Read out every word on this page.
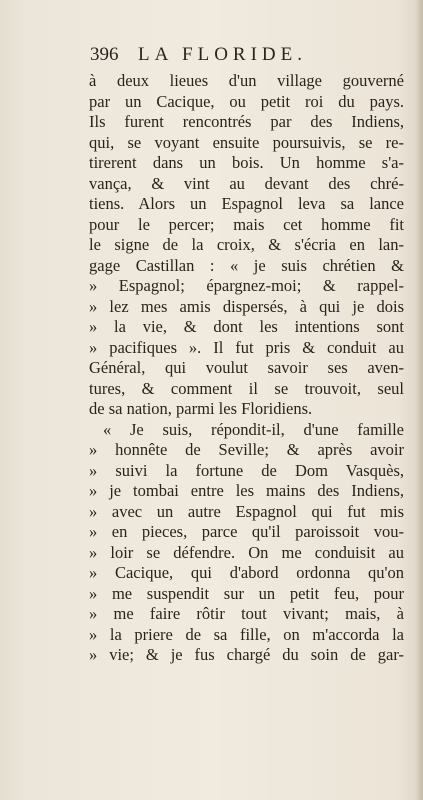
396 LA FLORIDE.
à deux lieues d'un village gouverné
par un Cacique, ou petit roi du pays.
Ils furent rencontrés par des Indiens,
qui, se voyant ensuite poursuivis, se re-
tirerent dans un bois. Un homme s'a-
vança, & vint au devant des chré-
tiens. Alors un Espagnol leva sa lance
pour le percer; mais cet homme fit
le signe de la croix, & s'écria en lan-
gage Castillan : « je suis chrétien &
» Espagnol; épargnez-moi; & rappel-
» lez mes amis dispersés, à qui je dois
» la vie, & dont les intentions sont
» pacifiques ». Il fut pris & conduit au
Général, qui voulut savoir ses aven-
tures, & comment il se trouvoit, seul
de sa nation, parmi les Floridiens.
« Je suis, répondit-il, d'une famille
» honnête de Seville; & après avoir
» suivi la fortune de Dom Vasquès,
» je tombai entre les mains des Indiens,
» avec un autre Espagnol qui fut mis
» en pieces, parce qu'il paroissoit vou-
» loir se défendre. On me conduisit au
» Cacique, qui d'abord ordonna qu'on
» me suspendit sur un petit feu, pour
» me faire rôtir tout vivant; mais, à
» la priere de sa fille, on m'accorda la
» vie; & je fus chargé du soin de gar-
